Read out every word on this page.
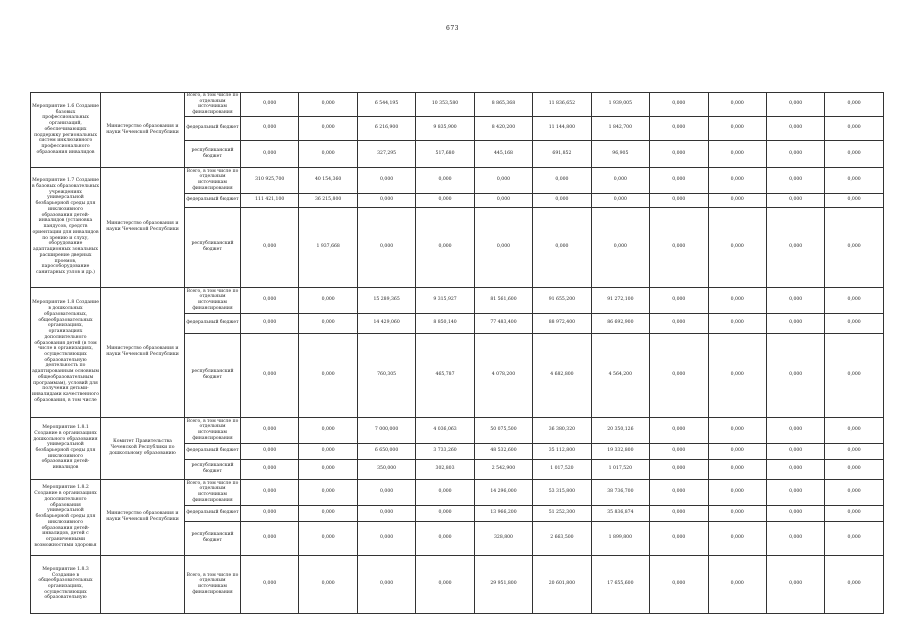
673
Мероприятие 1.6 Создание базовых профессиональных организаций, обеспечивающих поддержку региональных систем инклюзивного профессионального образования инвалидов	Министерство образования и науки Чеченской Республики	Всего, в том числе по отдельным источникам финансирования	0,000	0,000	6 544,195	10 353,580	8 865,368	11 836,652	1 939,005	0,000	0,000	0,000	0,000
		федеральный бюджет	0,000	0,000	6 216,900	9 835,900	8 420,200	11 144,800	1 842,700	0,000	0,000	0,000	0,000
		республиканский бюджет	0,000	0,000	327,295	517,680	445,168	691,852	96,905	0,000	0,000	0,000	0,000
Мероприятие 1.7 Создание в базовых образовательных учреждениях универсальной безбарьерной среды для инклюзивного образования детей-инвалидов (установка пандусов, средств ориентации для инвалидов по зрению и слуху, оборудование адаптационных зональных расширение дверных проемов, парособорудование санитарных узлов и др.)	Министерство образования и науки Чеченской Республики	Всего, в том числе по отдельным источникам финансирования	310 925,700	40 154,360	0,000	0,000	0,000	0,000	0,000	0,000	0,000	0,000	0,000
		федеральный бюджет	111 421,100	36 215,800	0,000	0,000	0,000	0,000	0,000	0,000	0,000	0,000	0,000
		республиканский бюджет	0,000	1 937,668	0,000	0,000	0,000	0,000	0,000	0,000	0,000	0,000	0,000
Мероприятие 1.8 Создание в дошкольных образовательных, общеобразовательных организациях, организациях дополнительного образования детей (в том числе в организациях, осуществляющих образовательную деятельность по адаптированным основным общеобразовательным программам), условий для получения детьми-инвалидами качественного образования, в том числе	Министерство образования и науки Чеченской Республики	Всего, в том числе по отдельным источникам финансирования	0,000	0,000	15 289,365	9 315,927	81 561,600	91 655,200	91 272,100	0,000	0,000	0,000	0,000
		федеральный бюджет	0,000	0,000	14 429,060	8 850,140	77 483,400	88 972,400	86 692,900	0,000	0,000	0,000	0,000
		республиканский бюджет	0,000	0,000	760,305	465,787	4 078,200	4 682,800	4 564,200	0,000	0,000	0,000	0,000
Мероприятие 1.8.1 Создание в организациях дошкольного образования универсальной безбарьерной среды для инклюзивного образования детей-инвалидов	Комитет Правительства Чеченской Республики по дошкольному образованию	Всего, в том числе по отдельным источникам финансирования	0,000	0,000	7 000,000	4 036,063	50 075,500	36 380,320	20 350,126	0,000	0,000	0,000	0,000
		федеральный бюджет	0,000	0,000	6 650,000	3 733,260	48 532,600	35 112,800	19 332,800	0,000	0,000	0,000	0,000
		республиканский бюджет	0,000	0,000	350,000	302,803	2 542,900	1 017,520	1 017,520	0,000	0,000	0,000	0,000
Мероприятие 1.8.2 Создание в организациях дополнительного образования универсальной безбарьерной среды для инклюзивного образования детей-инвалидов, детей с ограниченными возможностями здоровья	Министерство образования и науки Чеченской Республики	Всего, в том числе по отдельным источникам финансирования	0,000	0,000	0,000	0,000	14 296,000	53 315,800	38 736,700	0,000	0,000	0,000	0,000
		федеральный бюджет	0,000	0,000	0,000	0,000	13 966,200	51 252,300	35 836,874	0,000	0,000	0,000	0,000
		республиканский бюджет	0,000	0,000	0,000	0,000	328,800	2 663,500	1 899,800	0,000	0,000	0,000	0,000
Мероприятие 1.8.3 Создание в общеобразовательных организациях, осуществляющих образовательную		Всего, в том числе по отдельным источникам финансирования	0,000	0,000	0,000	0,000	29 951,800	20 601,800	17 655,600	0,000	0,000	0,000	0,000
